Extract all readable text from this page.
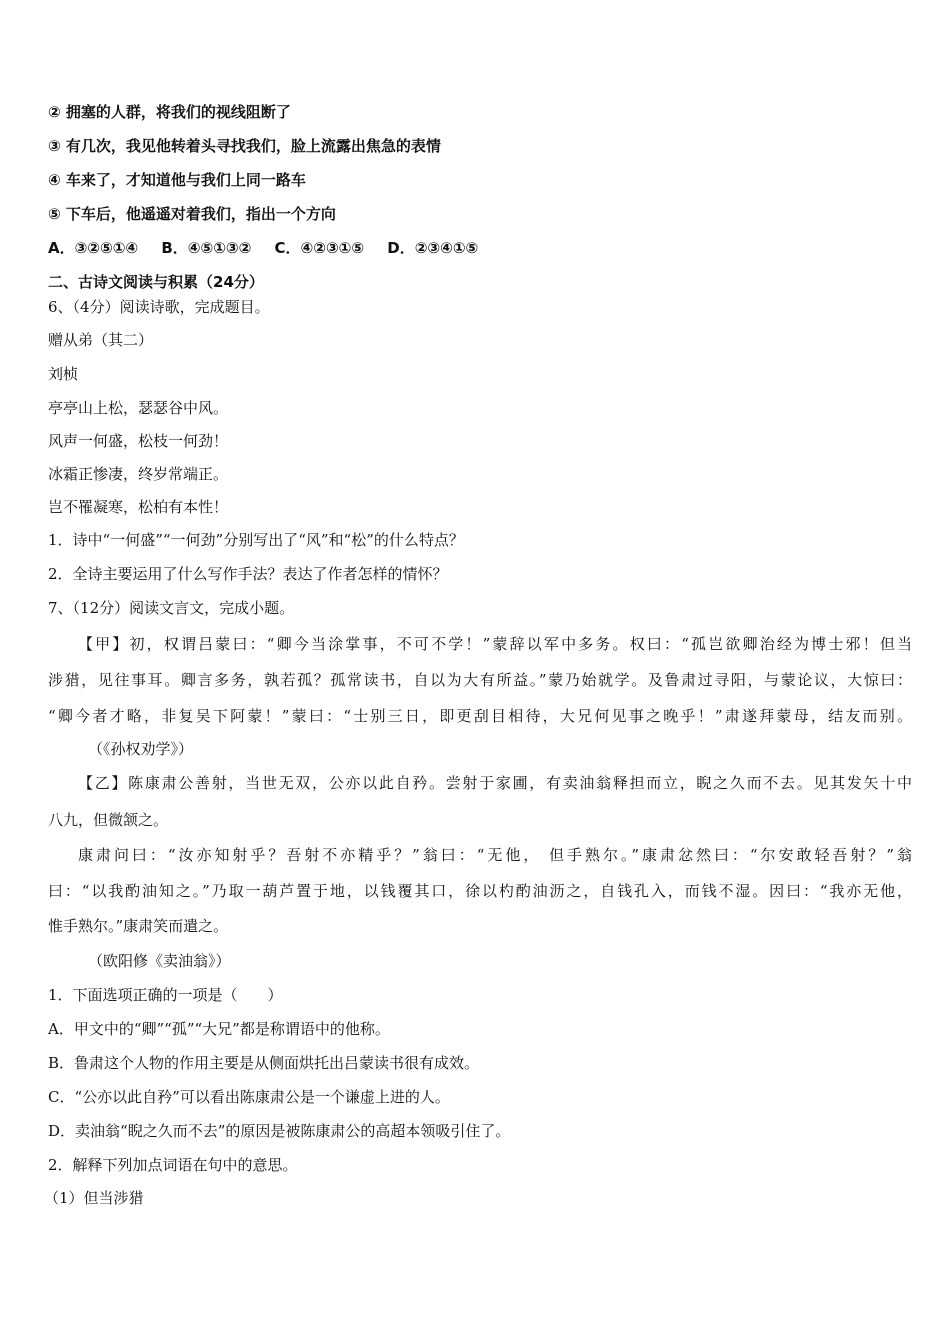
② 拥塞的人群，将我们的视线阻断了
③ 有几次，我见他转着头寻找我们，脸上流露出焦急的表情
④ 车来了，才知道他与我们上同一路车
⑤ 下车后，他遥遥对着我们，指出一个方向
A．③②⑤①④ B．④⑤①③② C．④②③①⑤ D．②③④①⑤
二、古诗文阅读与积累（24分）
6、（4分）阅读诗歌，完成题目。
赠从弟（其二）
刘桢
亭亭山上松，瑟瑟谷中风。
风声一何盛，松枝一何劲！
冰霜正惨凄，终岁常端正。
岂不罹凝寒，松柏有本性！
1．诗中“一何盛”“一何劲”分别写出了“风”和“松”的什么特点？
2．全诗主要运用了什么写作手法？表达了作者怎样的情怀？
7、（12分）阅读文言文，完成小题。
【甲】初，权谓吕蒙曰：“卿今当涂掌事，不可不学！”蒙辞以军中多务。权曰：“孤岂欲卿治经为博士邪！但当
涉猎，见往事耳。卿言多务，孰若孤？孤常读书，自以为大有所益。”蒙乃始就学。及鲁肃过寻阳，与蒙论议，大惊曰：
“卿今者才略，非复吴下阿蒙！”蒙曰：“士别三日，即更刮目相待，大兄何见事之晚乎！”肃遂拜蒙母，结友而别。
（《孙权劝学》）
【乙】陈康肃公善射，当世无双，公亦以此自矜。尝射于家圃，有卖油翁释担而立，睨之久而不去。见其发矢十中
八九，但微颔之。
康肃问曰：“汝亦知射乎？吾射不亦精乎？”翁曰：“无他， 但手熟尔。”康肃忿然曰：“尔安敢轻吾射？”翁
曰：“以我酌油知之。”乃取一葫芦置于地，以钱覆其口，徐以杓酌油沥之，自钱孔入，而钱不湿。因曰：“我亦无他，
惟手熟尔。”康肃笑而遣之。
（欧阳修《卖油翁》）
1．下面选项正确的一项是（　　）
A．甲文中的“卿”“孤”“大兄”都是称谓语中的他称。
B．鲁肃这个人物的作用主要是从侧面烘托出吕蒙读书很有成效。
C．“公亦以此自矜”可以看出陈康肃公是一个谦虚上进的人。
D．卖油翁“睨之久而不去”的原因是被陈康肃公的高超本领吸引住了。
2．解释下列加点词语在句中的意思。
（1）但当涉猎
